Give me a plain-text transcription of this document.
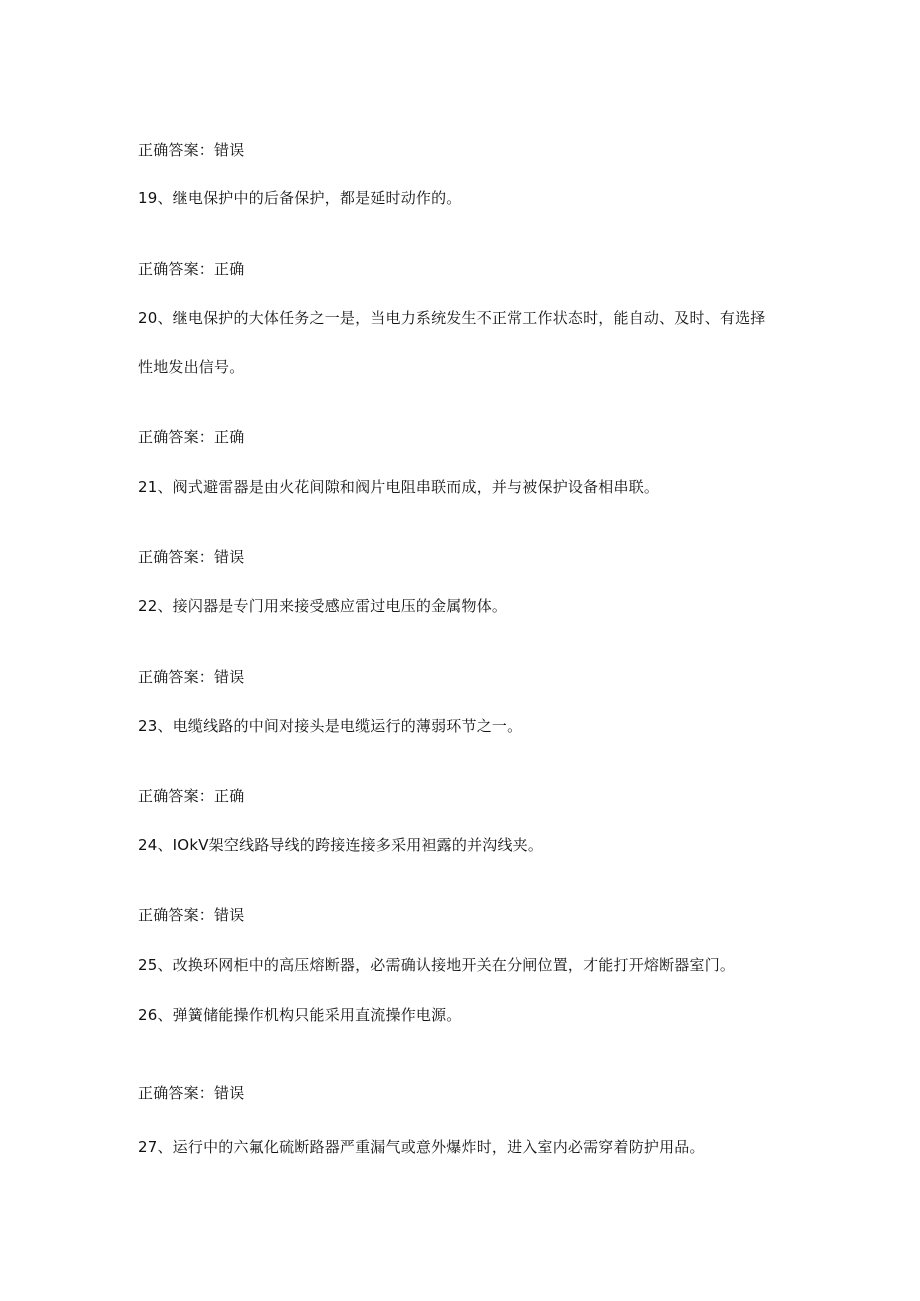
正确答案：错误
19、继电保护中的后备保护，都是延时动作的。
正确答案：正确
20、继电保护的大体任务之一是，当电力系统发生不正常工作状态时，能自动、及时、有选择
性地发出信号。
正确答案：正确
21、阀式避雷器是由火花间隙和阀片电阻串联而成，并与被保护设备相串联。
正确答案：错误
22、接闪器是专门用来接受感应雷过电压的金属物体。
正确答案：错误
23、电缆线路的中间对接头是电缆运行的薄弱环节之一。
正确答案：正确
24、IOkV架空线路导线的跨接连接多采用袒露的并沟线夹。
正确答案：错误
25、改换环网柜中的高压熔断器，必需确认接地开关在分闸位置，才能打开熔断器室门。
26、弹簧储能操作机构只能采用直流操作电源。
正确答案：错误
27、运行中的六氟化硫断路器严重漏气或意外爆炸时，进入室内必需穿着防护用品。
